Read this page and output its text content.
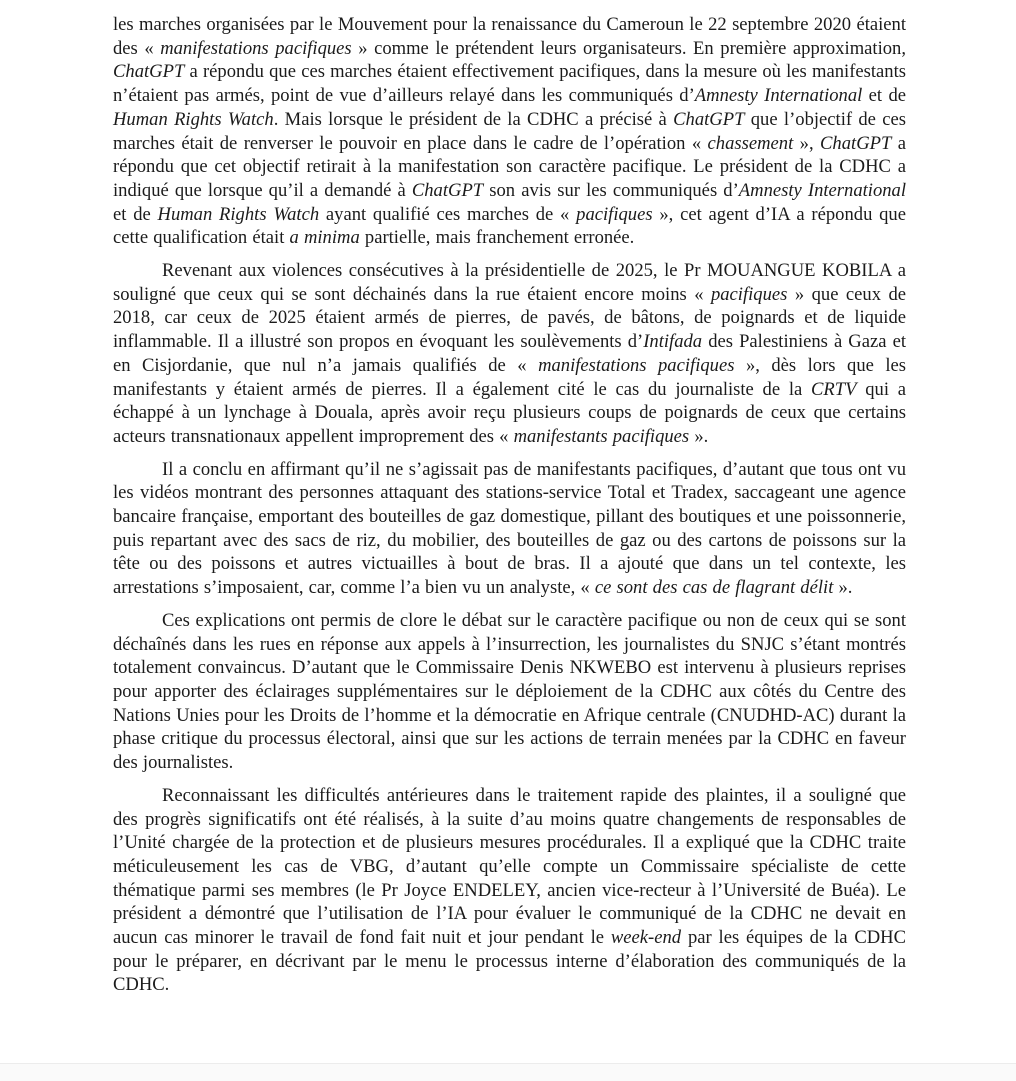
les marches organisées par le Mouvement pour la renaissance du Cameroun le 22 septembre 2020 étaient des « manifestations pacifiques » comme le prétendent leurs organisateurs. En première approximation, ChatGPT a répondu que ces marches étaient effectivement pacifiques, dans la mesure où les manifestants n’étaient pas armés, point de vue d’ailleurs relayé dans les communiqués d’Amnesty International et de Human Rights Watch. Mais lorsque le président de la CDHC a précisé à ChatGPT que l’objectif de ces marches était de renverser le pouvoir en place dans le cadre de l’opération « chassement », ChatGPT a répondu que cet objectif retirait à la manifestation son caractère pacifique. Le président de la CDHC a indiqué que lorsque qu’il a demandé à ChatGPT son avis sur les communiqués d’Amnesty International et de Human Rights Watch ayant qualifié ces marches de « pacifiques », cet agent d’IA a répondu que cette qualification était a minima partielle, mais franchement erronée.

Revenant aux violences consécutives à la présidentielle de 2025, le Pr MOUANGUE KOBILA a souligné que ceux qui se sont déchainés dans la rue étaient encore moins « pacifiques » que ceux de 2018, car ceux de 2025 étaient armés de pierres, de pavés, de bâtons, de poignards et de liquide inflammable. Il a illustré son propos en évoquant les soulèvements d’Intifada des Palestiniens à Gaza et en Cisjordanie, que nul n’a jamais qualifiés de « manifestations pacifiques », dès lors que les manifestants y étaient armés de pierres. Il a également cité le cas du journaliste de la CRTV qui a échappé à un lynchage à Douala, après avoir reçu plusieurs coups de poignards de ceux que certains acteurs transnationaux appellent improprement des « manifestants pacifiques ».

Il a conclu en affirmant qu’il ne s’agissait pas de manifestants pacifiques, d’autant que tous ont vu les vidéos montrant des personnes attaquant des stations-service Total et Tradex, saccageant une agence bancaire française, emportant des bouteilles de gaz domestique, pillant des boutiques et une poissonnerie, puis repartant avec des sacs de riz, du mobilier, des bouteilles de gaz ou des cartons de poissons sur la tête ou des poissons et autres victuailles à bout de bras. Il a ajouté que dans un tel contexte, les arrestations s’imposaient, car, comme l’a bien vu un analyste, « ce sont des cas de flagrant délit ».

Ces explications ont permis de clore le débat sur le caractère pacifique ou non de ceux qui se sont déchaînés dans les rues en réponse aux appels à l’insurrection, les journalistes du SNJC s’étant montrés totalement convaincus. D’autant que le Commissaire Denis NKWEBO est intervenu à plusieurs reprises pour apporter des éclairages supplémentaires sur le déploiement de la CDHC aux côtés du Centre des Nations Unies pour les Droits de l’homme et la démocratie en Afrique centrale (CNUDHD-AC) durant la phase critique du processus électoral, ainsi que sur les actions de terrain menées par la CDHC en faveur des journalistes.

Reconnaissant les difficultés antérieures dans le traitement rapide des plaintes, il a souligné que des progrès significatifs ont été réalisés, à la suite d’au moins quatre changements de responsables de l’Unité chargée de la protection et de plusieurs mesures procédurales. Il a expliqué que la CDHC traite méticuleusement les cas de VBG, d’autant qu’elle compte un Commissaire spécialiste de cette thématique parmi ses membres (le Pr Joyce ENDELEY, ancien vice-recteur à l’Université de Buéa). Le président a démontré que l’utilisation de l’IA pour évaluer le communiqué de la CDHC ne devait en aucun cas minorer le travail de fond fait nuit et jour pendant le week-end par les équipes de la CDHC pour le préparer, en décrivant par le menu le processus interne d’élaboration des communiqués de la CDHC.
